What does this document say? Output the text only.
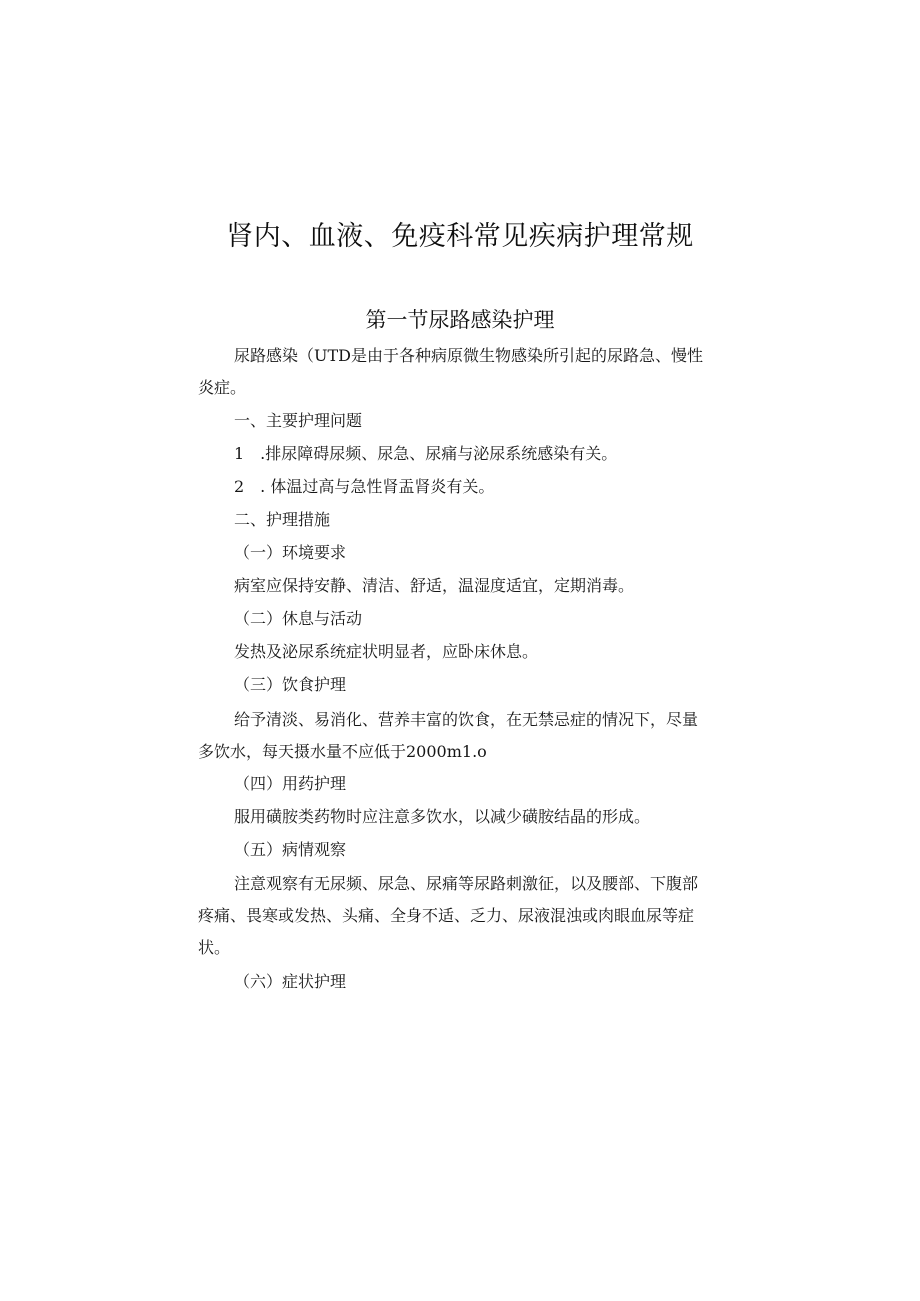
肾内、血液、免疫科常见疾病护理常规
第一节尿路感染护理
尿路感染（UTD是由于各种病原微生物感染所引起的尿路急、慢性
炎症。
一、主要护理问题
1　.排尿障碍尿频、尿急、尿痛与泌尿系统感染有关。
2　. 体温过高与急性肾盂肾炎有关。
二、护理措施
（一）环境要求
病室应保持安静、清洁、舒适，温湿度适宜，定期消毒。
（二）休息与活动
发热及泌尿系统症状明显者，应卧床休息。
（三）饮食护理
给予清淡、易消化、营养丰富的饮食，在无禁忌症的情况下，尽量
多饮水，每天摄水量不应低于2000m1.o
（四）用药护理
服用磺胺类药物时应注意多饮水，以减少磺胺结晶的形成。
（五）病情观察
注意观察有无尿频、尿急、尿痛等尿路刺激征，以及腰部、下腹部
疼痛、畏寒或发热、头痛、全身不适、乏力、尿液混浊或肉眼血尿等症
状。
（六）症状护理
